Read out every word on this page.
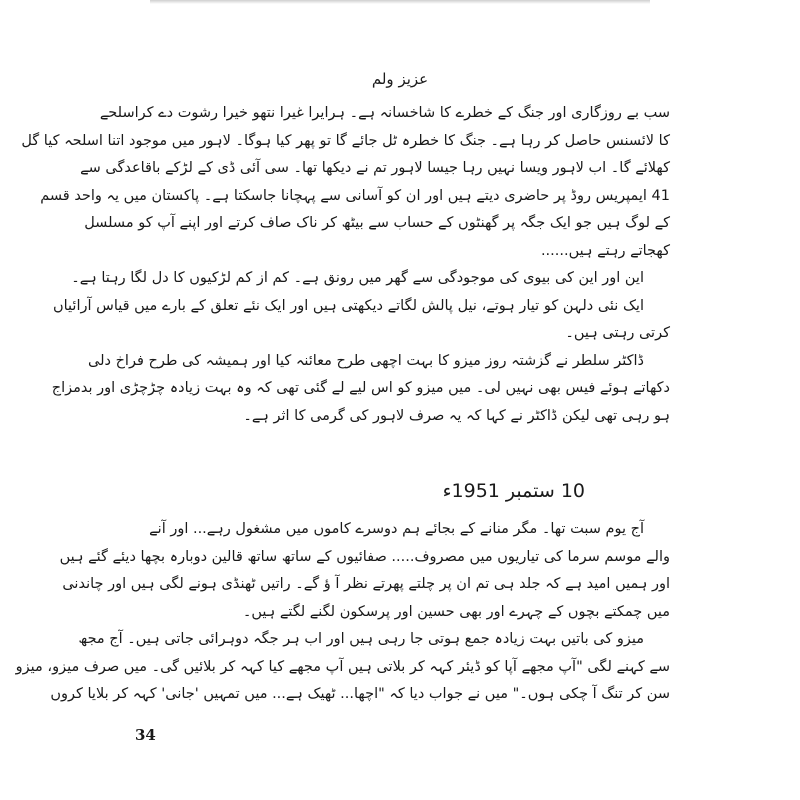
عزیز ولم
سب بے روزگاری اور جنگ کے خطرے کا شاخسانہ ہے۔ ہرایرا غیرا نتھو خیرا رشوت دے کراسلحے
کا لائسنس حاصل کر رہا ہے۔ جنگ کا خطرہ ٹل جائے گا تو پھر کیا ہوگا۔ لاہور میں موجود اتنا اسلحہ کیا گل
کھلائے گا۔ اب لاہور ویسا نہیں رہا جیسا لاہور تم نے دیکھا تھا۔ سی آئی ڈی کے لڑکے باقاعدگی سے
41 ایمپریس روڈ پر حاضری دیتے ہیں اور ان کو آسانی سے پہچانا جاسکتا ہے۔ پاکستان میں یہ واحد قسم
کے لوگ ہیں جو ایک جگہ پر گھنٹوں کے حساب سے بیٹھ کر ناک صاف کرتے اور اپنے آپ کو مسلسل
کھجاتے رہتے ہیں......
این اور این کی بیوی کی موجودگی سے گھر میں رونق ہے۔ کم از کم لڑکیوں کا دل لگا رہتا ہے۔
ایک نئی دلہن کو تیار ہوتے، نیل پالش لگاتے دیکھتی ہیں اور ایک نئے تعلق کے بارے میں قیاس آرائیاں
کرتی رہتی ہیں۔
ڈاکٹر سلطر نے گزشتہ روز میزو کا بہت اچھی طرح معائنہ کیا اور ہمیشہ کی طرح فراخ دلی
دکھاتے ہوئے فیس بھی نہیں لی۔ میں میزو کو اس لیے لے گئی تھی کہ وہ بہت زیادہ چڑچڑی اور بدمزاج
ہو رہی تھی لیکن ڈاکٹر نے کہا کہ یہ صرف لاہور کی گرمی کا اثر ہے۔
10 ستمبر 1951ء
آج یوم سبت تھا۔ مگر منانے کے بجائے ہم دوسرے کاموں میں مشغول رہے... اور آنے
والے موسم سرما کی تیاریوں میں مصروف..... صفائیوں کے ساتھ ساتھ قالین دوبارہ بچھا دیئے گئے ہیں
اور ہمیں امید ہے کہ جلد ہی تم ان پر چلتے پھرتے نظر آ ؤ گے۔ راتیں ٹھنڈی ہونے لگی ہیں اور چاندنی
میں چمکتے بچوں کے چہرے اور بھی حسین اور پرسکون لگنے لگتے ہیں۔
میزو کی باتیں بہت زیادہ جمع ہوتی جا رہی ہیں اور اب ہر جگہ دوہرائی جاتی ہیں۔ آج مجھ
سے کہنے لگی "آپ مجھے آپا کو ڈیئر کہہ کر بلاتی ہیں آپ مجھے کیا کہہ کر بلائیں گی۔ میں صرف میزو، میزو
سن کر تنگ آ چکی ہوں۔" میں نے جواب دیا کہ "اچھا... ٹھیک ہے... میں تمہیں 'جانی' کہہ کر بلایا کروں
34
